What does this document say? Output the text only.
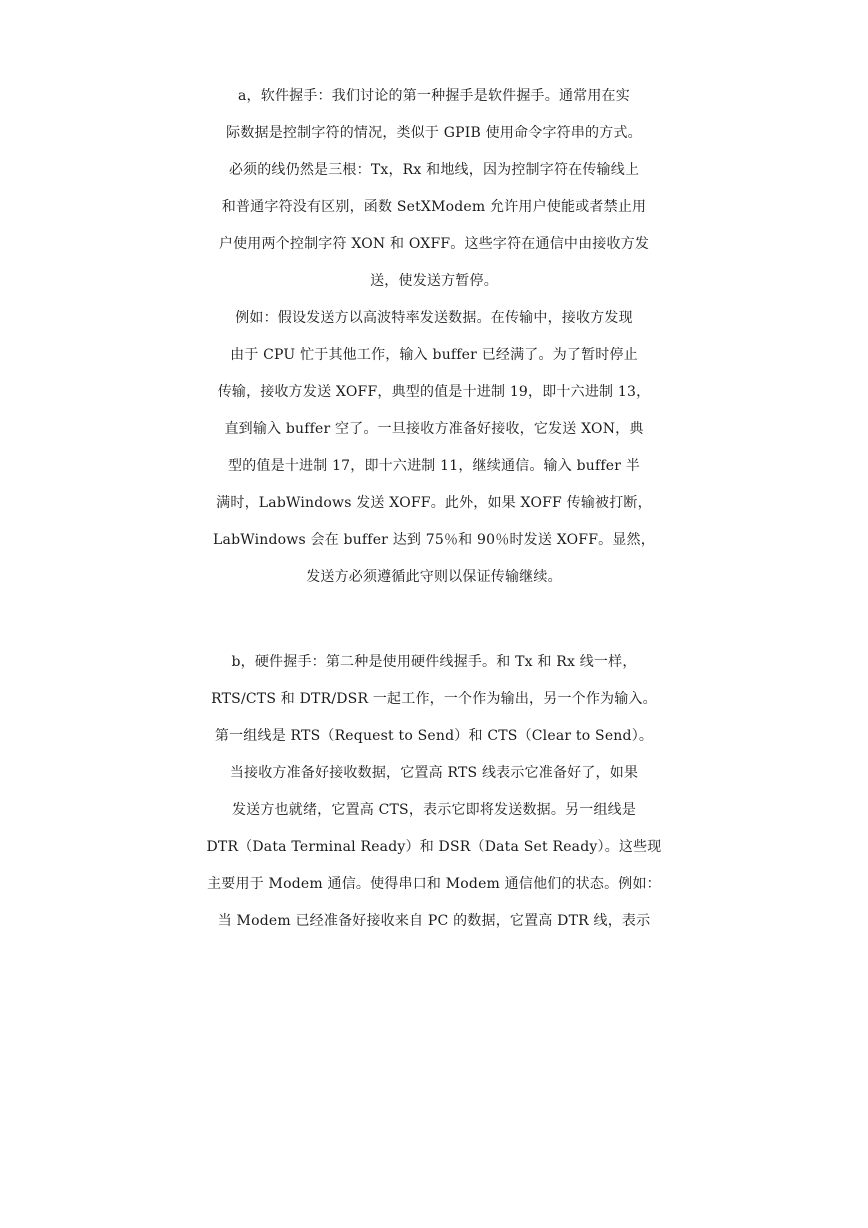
a，软件握手：我们讨论的第一种握手是软件握手。通常用在实
际数据是控制字符的情况，类似于 GPIB 使用命令字符串的方式。
必须的线仍然是三根：Tx，Rx 和地线，因为控制字符在传输线上
和普通字符没有区别，函数 SetXModem 允许用户使能或者禁止用
户使用两个控制字符 XON 和 OXFF。这些字符在通信中由接收方发
送，使发送方暂停。
例如：假设发送方以高波特率发送数据。在传输中，接收方发现
由于 CPU 忙于其他工作，输入 buffer 已经满了。为了暂时停止
传输，接收方发送 XOFF，典型的值是十进制 19，即十六进制 13，
直到输入 buffer 空了。一旦接收方准备好接收，它发送 XON，典
型的值是十进制 17，即十六进制 11，继续通信。输入 buffer 半
满时，LabWindows 发送 XOFF。此外，如果 XOFF 传输被打断，
LabWindows 会在 buffer 达到 75％和 90％时发送 XOFF。显然，
发送方必须遵循此守则以保证传输继续。
b，硬件握手：第二种是使用硬件线握手。和 Tx 和 Rx 线一样，
RTS/CTS 和 DTR/DSR 一起工作，一个作为输出，另一个作为输入。
第一组线是 RTS（Request to Send）和 CTS（Clear to Send）。
当接收方准备好接收数据，它置高 RTS 线表示它准备好了，如果
发送方也就绪，它置高 CTS，表示它即将发送数据。另一组线是
DTR（Data Terminal Ready）和 DSR（Data Set Ready）。这些现
主要用于 Modem 通信。使得串口和 Modem 通信他们的状态。例如：
当 Modem 已经准备好接收来自 PC 的数据，它置高 DTR 线，表示
